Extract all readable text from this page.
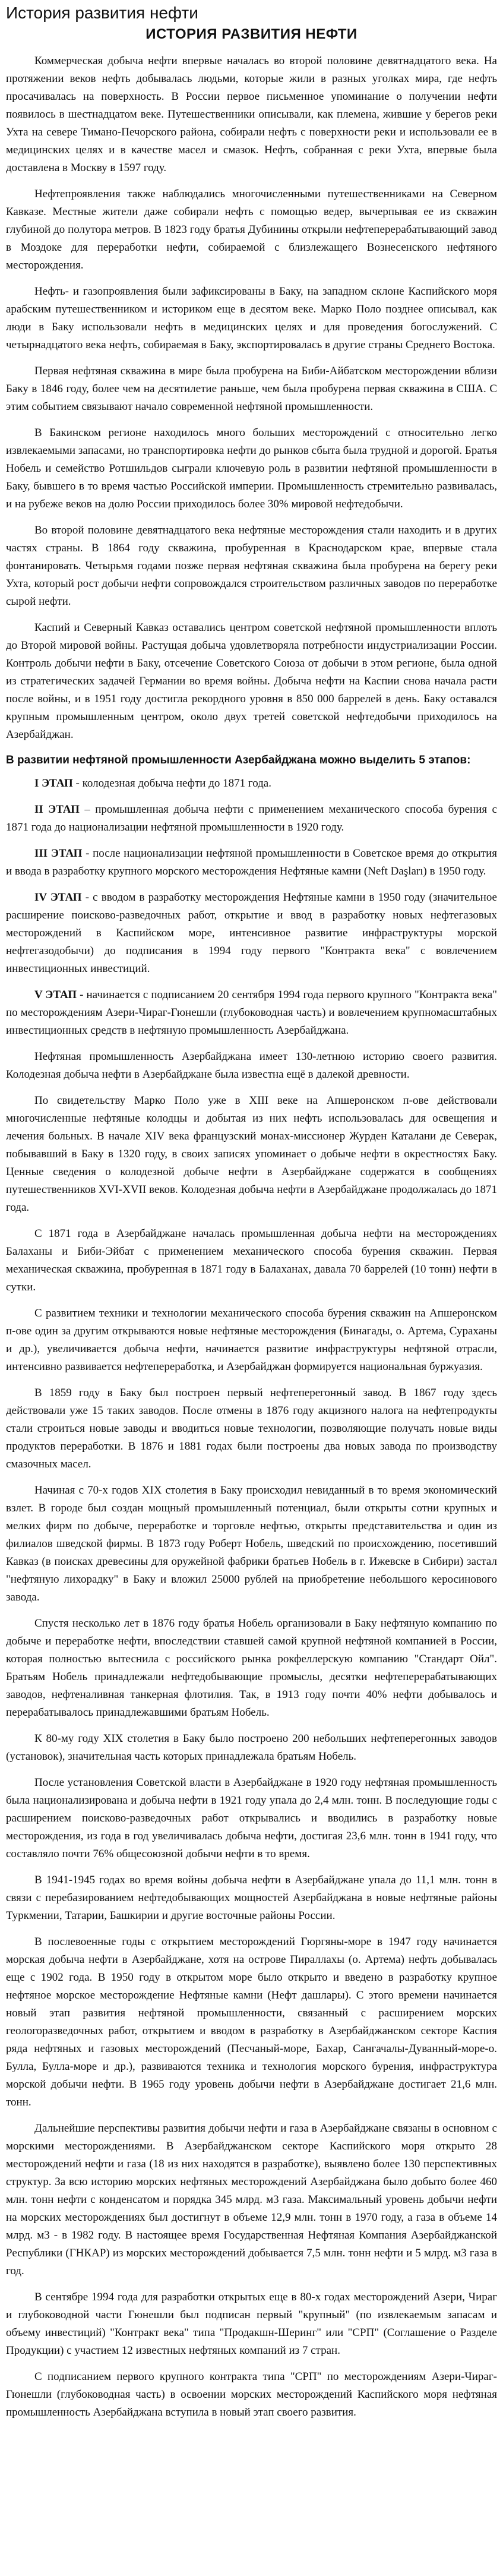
История развития нефти
ИСТОРИЯ РАЗВИТИЯ НЕФТИ

Коммерческая добыча нефти впервые началась во второй половине девятнадцатого века. На протяжении веков нефть добывалась людьми, которые жили в разных уголках мира, где нефть просачивалась на поверхность. В России первое письменное упоминание о получении нефти появилось в шестнадцатом веке. Путешественники описывали, как племена, жившие у берегов реки Ухта на севере Тимано-Печорского района, собирали нефть с поверхности реки и использовали ее в медицинских целях и в качестве масел и смазок. Нефть, собранная с реки Ухта, впервые была доставлена в Москву в 1597 году.

Нефтепроявления также наблюдались многочисленными путешественниками на Северном Кавказе. Местные жители даже собирали нефть с помощью ведер, вычерпывая ее из скважин глубиной до полутора метров. В 1823 году братья Дубинины открыли нефтеперерабатывающий завод в Моздоке для переработки нефти, собираемой с близлежащего Вознесенского нефтяного месторождения.

Нефть- и газопроявления были зафиксированы в Баку, на западном склоне Каспийского моря арабским путешественником и историком еще в десятом веке. Марко Поло позднее описывал, как люди в Баку использовали нефть в медицинских целях и для проведения богослужений. С четырнадцатого века нефть, собираемая в Баку, экспортировалась в другие страны Среднего Востока.

Первая нефтяная скважина в мире была пробурена на Биби-Айбатском месторождении вблизи Баку в 1846 году, более чем на десятилетие раньше, чем была пробурена первая скважина в США. С этим событием связывают начало современной нефтяной промышленности.

В Бакинском регионе находилось много больших месторождений с относительно легко извлекаемыми запасами, но транспортировка нефти до рынков сбыта была трудной и дорогой. Братья Нобель и семейство Ротшильдов сыграли ключевую роль в развитии нефтяной промышленности в Баку, бывшего в то время частью Российской империи. Промышленность стремительно развивалась, и на рубеже веков на долю России приходилось более 30% мировой нефтедобычи.

Во второй половине девятнадцатого века нефтяные месторождения стали находить и в других частях страны. В 1864 году скважина, пробуренная в Краснодарском крае, впервые стала фонтанировать. Четырьмя годами позже первая нефтяная скважина была пробурена на берегу реки Ухта, который рост добычи нефти сопровождался строительством различных заводов по переработке сырой нефти.

Каспий и Северный Кавказ оставались центром советской нефтяной промышленности вплоть до Второй мировой войны. Растущая добыча удовлетворяла потребности индустриализации России. Контроль добычи нефти в Баку, отсечение Советского Союза от добычи в этом регионе, была одной из стратегических задачей Германии во время войны. Добыча нефти на Каспии снова начала расти после войны, и в 1951 году достигла рекордного уровня в 850 000 баррелей в день. Баку оставался крупным промышленным центром, около двух третей советской нефтедобычи приходилось на Азербайджан.

В развитии нефтяной промышленности Азербайджана можно выделить 5 этапов:

I ЭТАП - колодезная добыча нефти до 1871 года.

II ЭТАП – промышленная добыча нефти с применением механического способа бурения с 1871 года до национализации нефтяной промышленности в 1920 году.

III ЭТАП - после национализации нефтяной промышленности в Советское время до открытия и ввода в разработку крупного морского месторождения Нефтяные камни (Neft Daşları) в 1950 году.

IV ЭТАП - с вводом в разработку месторождения Нефтяные камни в 1950 году (значительное расширение поисково-разведочных работ, открытие и ввод в разработку новых нефтегазовых месторождений в Каспийском море, интенсивное развитие инфраструктуры морской нефтегазодобычи) до подписания в 1994 году первого "Контракта века" с вовлечением инвестиционных инвестиций.

V ЭТАП - начинается с подписанием 20 сентября 1994 года первого крупного "Контракта века" по месторождениям Азери-Чираг-Гюнешли (глубоководная часть) и вовлечением крупномасштабных инвестиционных средств в нефтяную промышленность Азербайджана.

Нефтяная промышленность Азербайджана имеет 130-летнюю историю своего развития. Колодезная добыча нефти в Азербайджане была известна ещё в далекой древности.

По свидетельству Марко Поло уже в XIII веке на Апшеронском п-ове действовали многочисленные нефтяные колодцы и добытая из них нефть использовалась для освещения и лечения больных. В начале XIV века французский монах-миссионер Журден Каталани де Северак, побывавший в Баку в 1320 году, в своих записях упоминает о добыче нефти в окрестностях Баку. Ценные сведения о колодезной добыче нефти в Азербайджане содержатся в сообщениях путешественников XVI-XVII веков. Колодезная добыча нефти в Азербайджане продолжалась до 1871 года.

С 1871 года в Азербайджане началась промышленная добыча нефти на месторождениях Балаханы и Биби-Эйбат с применением механического способа бурения скважин. Первая механическая скважина, пробуренная в 1871 году в Балаханах, давала 70 баррелей (10 тонн) нефти в сутки.

С развитием техники и технологии механического способа бурения скважин на Апшеронском п-ове один за другим открываются новые нефтяные месторождения (Бинагады, о. Артема, Сураханы и др.), увеличивается добыча нефти, начинается развитие инфраструктуры нефтяной отрасли, интенсивно развивается нефтепереработка, и Азербайджан формируется национальная буржуазия.

В 1859 году в Баку был построен первый нефтеперегонный завод. В 1867 году здесь действовали уже 15 таких заводов. После отмены в 1876 году акцизного налога на нефтепродукты стали строиться новые заводы и вводиться новые технологии, позволяющие получать новые виды продуктов переработки. В 1876 и 1881 годах были построены два новых завода по производству смазочных масел.

Начиная с 70-х годов XIX столетия в Баку происходил невиданный в то время экономический взлет. В городе был создан мощный промышленный потенциал, были открыты сотни крупных и мелких фирм по добыче, переработке и торговле нефтью, открыты представительства и один из филиалов шведской фирмы. В 1873 году Роберт Нобель, шведский по происхождению, посетивший Кавказ (в поисках древесины для оружейной фабрики братьев Нобель в г. Ижевске в Сибири) застал "нефтяную лихорадку" в Баку и вложил 25000 рублей на приобретение небольшого керосинового завода.

Спустя несколько лет в 1876 году братья Нобель организовали в Баку нефтяную компанию по добыче и переработке нефти, впоследствии ставшей самой крупной нефтяной компанией в России, которая полностью вытеснила с российского рынка рокфеллерскую компанию "Стандарт Ойл". Братьям Нобель принадлежали нефтедобывающие промыслы, десятки нефтеперерабатывающих заводов, нефтеналивная танкерная флотилия. Так, в 1913 году почти 40% нефти добывалось и перерабатывалось принадлежавшими братьям Нобель.

К 80-му году XIX столетия в Баку было построено 200 небольших нефтеперегонных заводов (установок), значительная часть которых принадлежала братьям Нобель.

После установления Советской власти в Азербайджане в 1920 году нефтяная промышленность была национализирована и добыча нефти в 1921 году упала до 2,4 млн. тонн. В последующие годы с расширением поисково-разведочных работ открывались и вводились в разработку новые месторождения, из года в год увеличивалась добыча нефти, достигая 23,6 млн. тонн в 1941 году, что составляло почти 76% общесоюзной добычи нефти в то время.

В 1941-1945 годах во время войны добыча нефти в Азербайджане упала до 11,1 млн. тонн в связи с перебазированием нефтедобывающих мощностей Азербайджана в новые нефтяные районы Туркмении, Татарии, Башкирии и другие восточные районы России.

В послевоенные годы с открытием месторождений Гюргяны-море в 1947 году начинается морская добыча нефти в Азербайджане, хотя на острове Пираллахы (о. Артема) нефть добывалась еще с 1902 года. В 1950 году в открытом море было открыто и введено в разработку крупное нефтяное морское месторождение Нефтяные камни (Нефт дашлары). С этого времени начинается новый этап развития нефтяной промышленности, связанный с расширением морских геологоразведочных работ, открытием и вводом в разработку в Азербайджанском секторе Каспия ряда нефтяных и газовых месторождений (Песчаный-море, Бахар, Сангачалы-Дуванный-море-о. Булла, Булла-море и др.), развиваются техника и технология морского бурения, инфраструктура морской добычи нефти. В 1965 году уровень добычи нефти в Азербайджане достигает 21,6 млн. тонн.

Дальнейшие перспективы развития добычи нефти и газа в Азербайджане связаны в основном с морскими месторождениями. В Азербайджанском секторе Каспийского моря открыто 28 месторождений нефти и газа (18 из них находятся в разработке), выявлено более 130 перспективных структур. За всю историю морских нефтяных месторождений Азербайджана было добыто более 460 млн. тонн нефти с конденсатом и порядка 345 млрд. м3 газа. Максимальный уровень добычи нефти на морских месторождениях был достигнут в объеме 12,9 млн. тонн в 1970 году, а газа в объеме 14 млрд. м3 - в 1982 году. В настоящее время Государственная Нефтяная Компания Азербайджанской Республики (ГНКАР) из морских месторождений добывается 7,5 млн. тонн нефти и 5 млрд. м3 газа в год.

В сентябре 1994 года для разработки открытых еще в 80-х годах месторождений Азери, Чираг и глубоководной части Гюнешли был подписан первый "крупный" (по извлекаемым запасам и объему инвестиций) "Контракт века" типа "Продакшн-Шеринг" или "СРП" (Соглашение о Разделе Продукции) с участием 12 известных нефтяных компаний из 7 стран.

С подписанием первого крупного контракта типа "СРП" по месторождениям Азери-Чираг-Гюнешли (глубоководная часть) в освоении морских месторождений Каспийского моря нефтяная промышленность Азербайджана вступила в новый этап своего развития.
